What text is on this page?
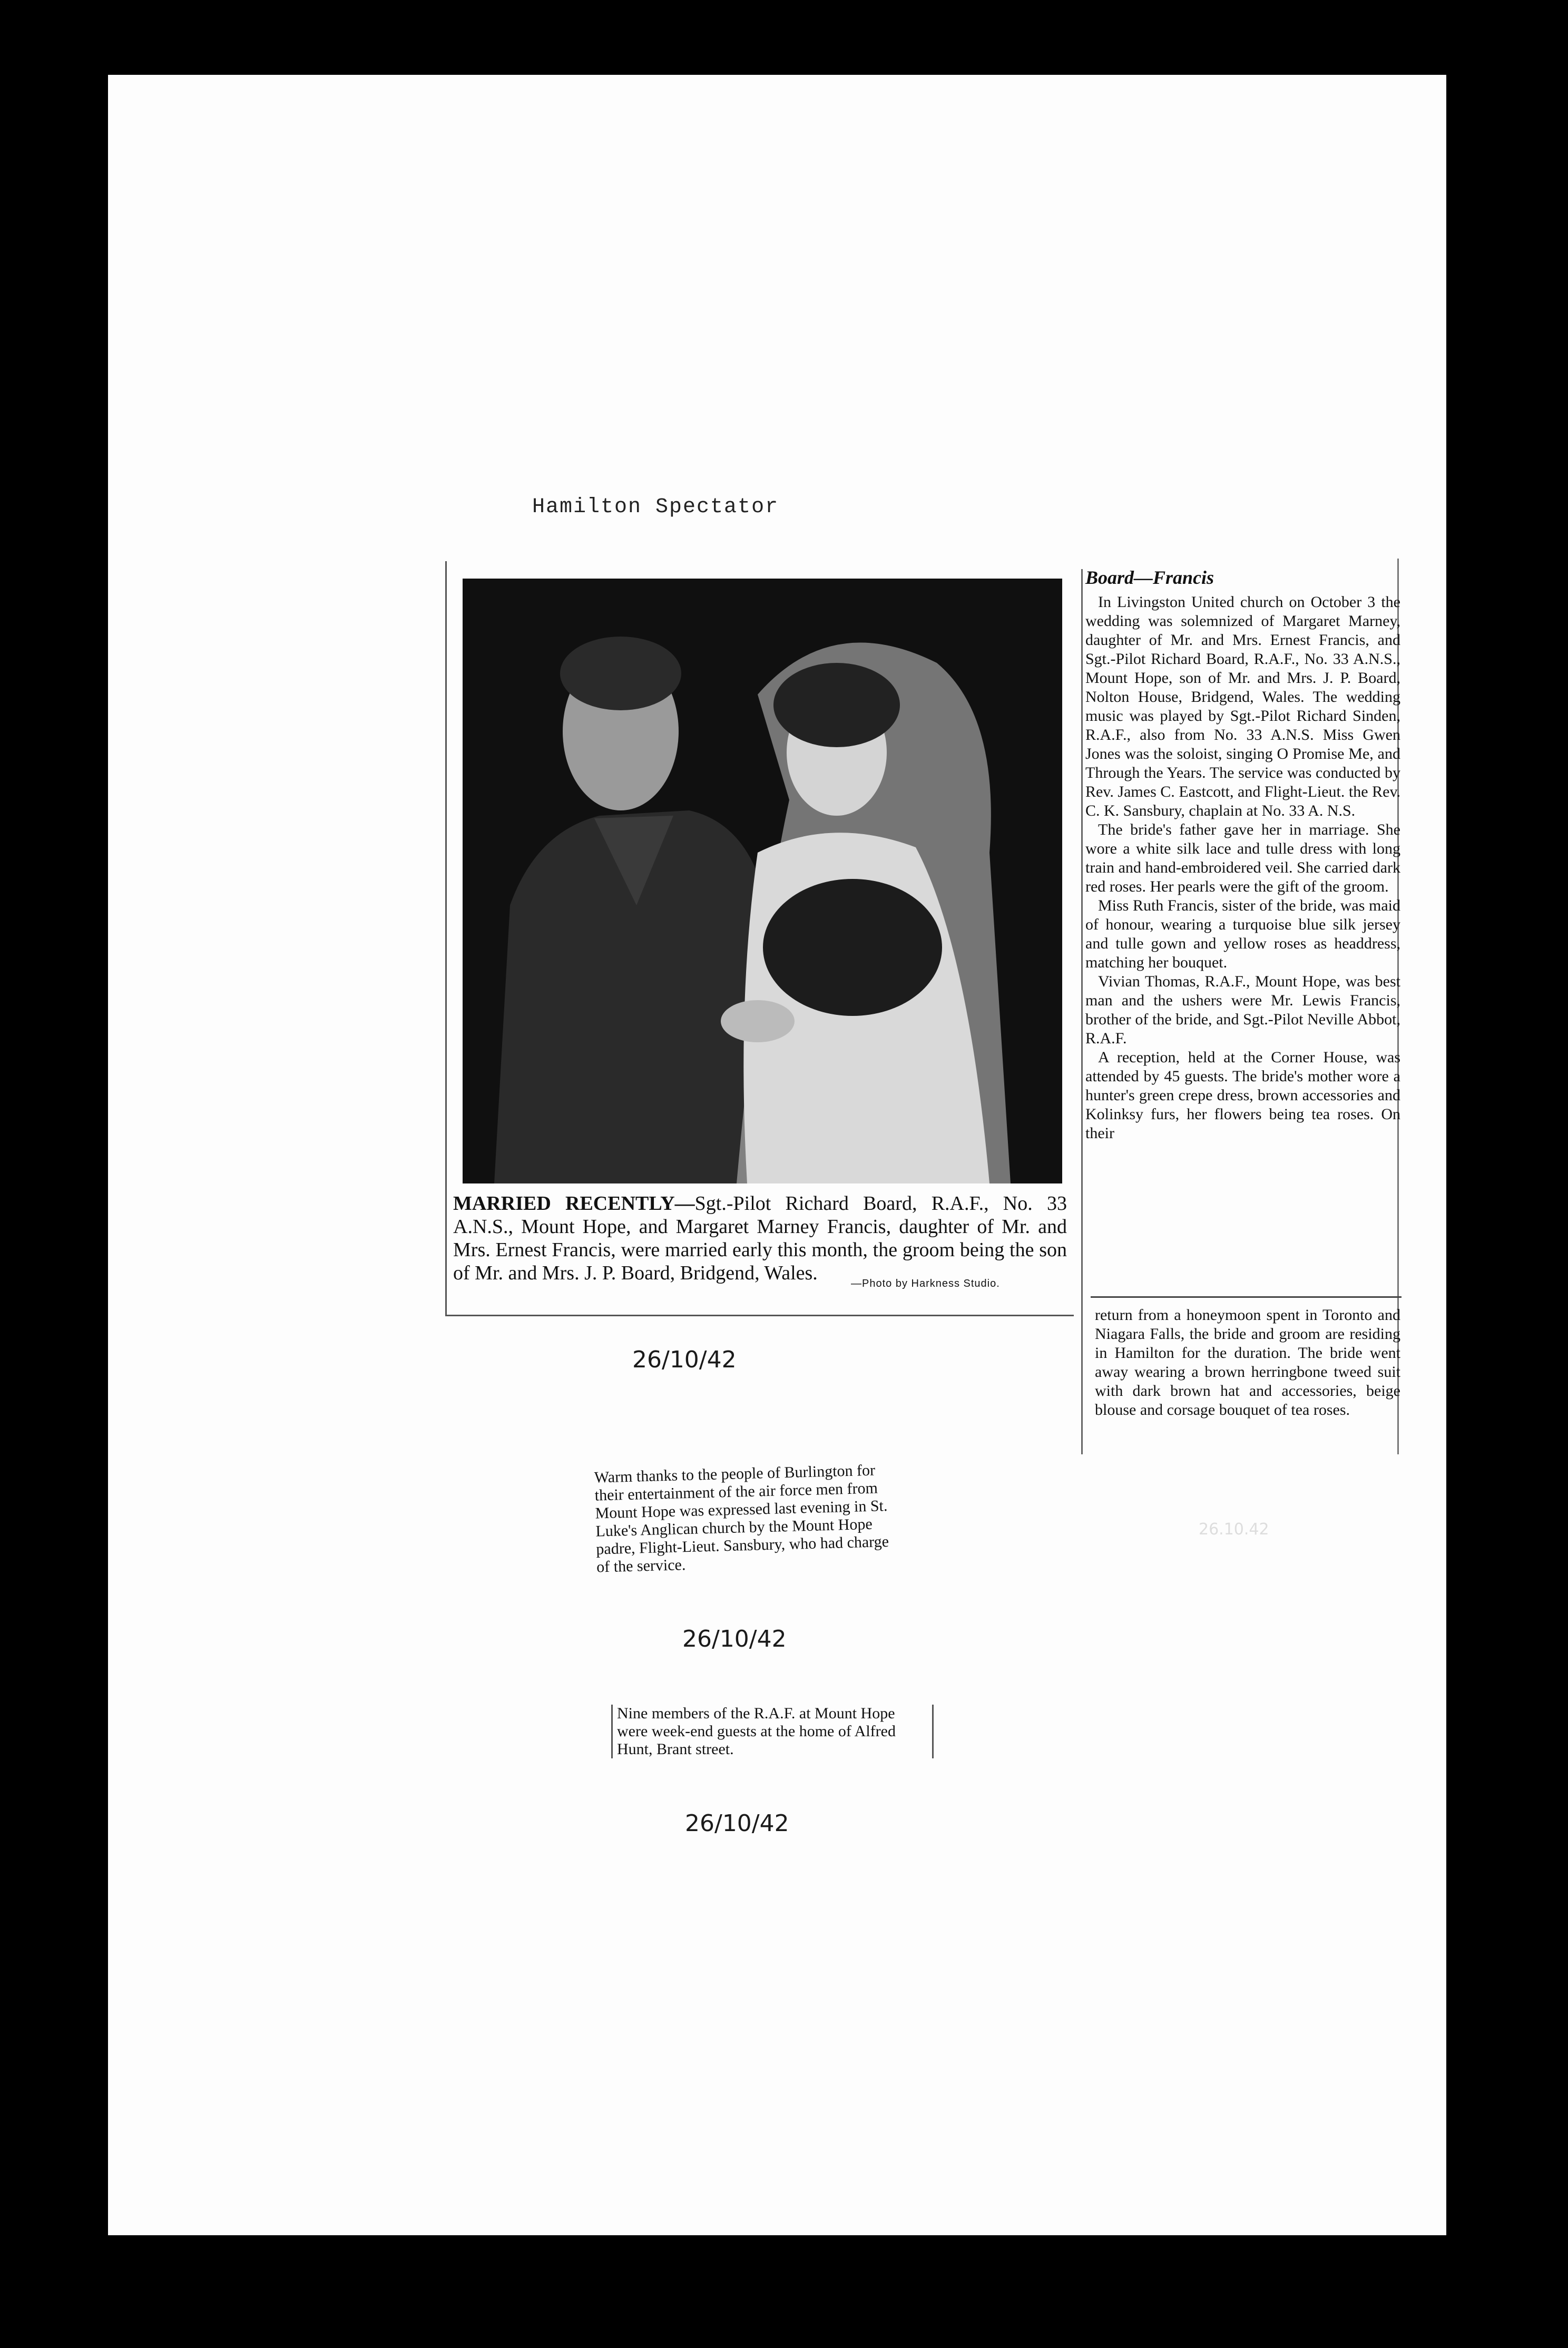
Hamilton Spectator
MARRIED RECENTLY—Sgt.-Pilot Richard Board, R.A.F., No. 33 A.N.S., Mount Hope, and Margaret Marney Francis, daughter of Mr. and Mrs. Ernest Francis, were married early this month, the groom being the son of Mr. and Mrs. J. P. Board, Bridgend, Wales.	—Photo by Harkness Studio.

Board—Francis

In Livingston United church on October 3 the wedding was solemnized of Margaret Marney, daughter of Mr. and Mrs. Ernest Francis, and Sgt.-Pilot Richard Board, R.A.F., No. 33 A.N.S., Mount Hope, son of Mr. and Mrs. J. P. Board, Nolton House, Bridgend, Wales. The wedding music was played by Sgt.-Pilot Richard Sinden, R.A.F., also from No. 33 A.N.S. Miss Gwen Jones was the soloist, singing O Promise Me, and Through the Years. The service was conducted by Rev. James C. Eastcott, and Flight-Lieut. the Rev. C. K. Sansbury, chaplain at No. 33 A. N.S.

The bride's father gave her in marriage. She wore a white silk lace and tulle dress with long train and hand-embroidered veil. She carried dark red roses. Her pearls were the gift of the groom.

Miss Ruth Francis, sister of the bride, was maid of honour, wearing a turquoise blue silk jersey and tulle gown and yellow roses as headdress, matching her bouquet.

Vivian Thomas, R.A.F., Mount Hope, was best man and the ushers were Mr. Lewis Francis, brother of the bride, and Sgt.-Pilot Neville Abbot, R.A.F.

A reception, held at the Corner House, was attended by 45 guests. The bride's mother wore a hunter's green crepe dress, brown accessories and Kolinksy furs, her flowers being tea roses. On their

return from a honeymoon spent in Toronto and Niagara Falls, the bride and groom are residing in Hamilton for the duration. The bride went away wearing a brown herringbone tweed suit with dark brown hat and accessories, beige blouse and corsage bouquet of tea roses.

26.10.42
26/10/42
Warm thanks to the people of Burlington for their entertainment of the air force men from Mount Hope was expressed last evening in St. Luke's Anglican church by the Mount Hope padre, Flight-Lieut. Sansbury, who had charge of the service.
26/10/42
Nine members of the R.A.F. at Mount Hope were week-end guests at the home of Alfred Hunt, Brant street.
26/10/42
